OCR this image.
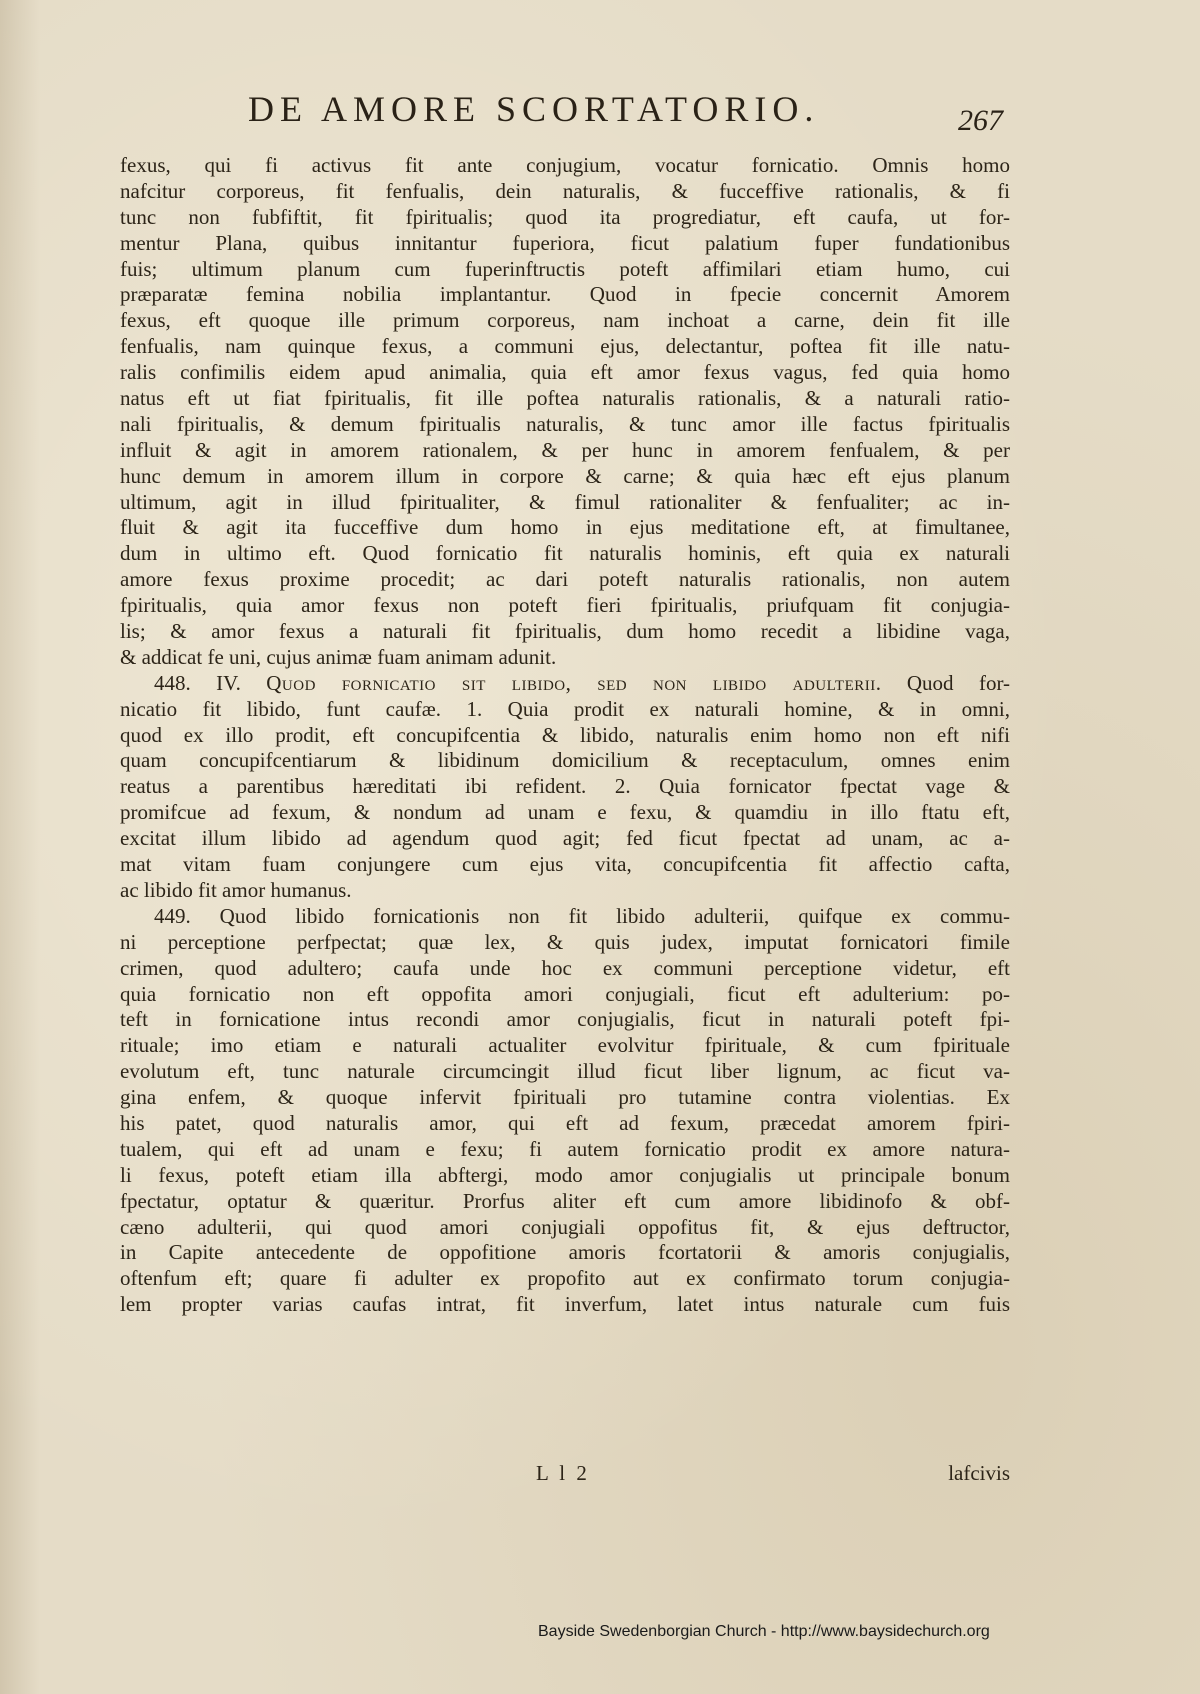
DE AMORE SCORTATORIO.	267
fexus, qui fi activus fit ante conjugium, vocatur fornicatio. Omnis homo
nafcitur corporeus, fit fenfualis, dein naturalis, & fucceffive rationalis, & fi
tunc non fubfiftit, fit fpiritualis; quod ita progrediatur, eft caufa, ut for-
mentur Plana, quibus innitantur fuperiora, ficut palatium fuper fundationibus
fuis; ultimum planum cum fuperinftructis poteft affimilari etiam humo, cui
præparatæ femina nobilia implantantur. Quod in fpecie concernit Amorem
fexus, eft quoque ille primum corporeus, nam inchoat a carne, dein fit ille
fenfualis, nam quinque fexus, a communi ejus, delectantur, poftea fit ille natu-
ralis confimilis eidem apud animalia, quia eft amor fexus vagus, fed quia homo
natus eft ut fiat fpiritualis, fit ille poftea naturalis rationalis, & a naturali ratio-
nali fpiritualis, & demum fpiritualis naturalis, & tunc amor ille factus fpiritualis
influit & agit in amorem rationalem, & per hunc in amorem fenfualem, & per
hunc demum in amorem illum in corpore & carne; & quia hæc eft ejus planum
ultimum, agit in illud fpiritualiter, & fimul rationaliter & fenfualiter; ac in-
fluit & agit ita fucceffive dum homo in ejus meditatione eft, at fimultanee,
dum in ultimo eft. Quod fornicatio fit naturalis hominis, eft quia ex naturali
amore fexus proxime procedit; ac dari poteft naturalis rationalis, non autem
fpiritualis, quia amor fexus non poteft fieri fpiritualis, priufquam fit conjugia-
lis; & amor fexus a naturali fit fpiritualis, dum homo recedit a libidine vaga,
& addicat fe uni, cujus animæ fuam animam adunit.
448. IV. Quod fornicatio sit libido, sed non libido adulterii. Quod for-
nicatio fit libido, funt caufæ. 1. Quia prodit ex naturali homine, & in omni,
quod ex illo prodit, eft concupifcentia & libido, naturalis enim homo non eft nifi
quam concupifcentiarum & libidinum domicilium & receptaculum, omnes enim
reatus a parentibus hæreditati ibi refident. 2. Quia fornicator fpectat vage &
promifcue ad fexum, & nondum ad unam e fexu, & quamdiu in illo ftatu eft,
excitat illum libido ad agendum quod agit; fed ficut fpectat ad unam, ac a-
mat vitam fuam conjungere cum ejus vita, concupifcentia fit affectio cafta,
ac libido fit amor humanus.
449. Quod libido fornicationis non fit libido adulterii, quifque ex commu-
ni perceptione perfpectat; quæ lex, & quis judex, imputat fornicatori fimile
crimen, quod adultero; caufa unde hoc ex communi perceptione videtur, eft
quia fornicatio non eft oppofita amori conjugiali, ficut eft adulterium: po-
teft in fornicatione intus recondi amor conjugialis, ficut in naturali poteft fpi-
rituale; imo etiam e naturali actualiter evolvitur fpirituale, & cum fpirituale
evolutum eft, tunc naturale circumcingit illud ficut liber lignum, ac ficut va-
gina enfem, & quoque infervit fpirituali pro tutamine contra violentias. Ex
his patet, quod naturalis amor, qui eft ad fexum, præcedat amorem fpiri-
tualem, qui eft ad unam e fexu; fi autem fornicatio prodit ex amore natura-
li fexus, poteft etiam illa abftergi, modo amor conjugialis ut principale bonum
fpectatur, optatur & quæritur. Prorfus aliter eft cum amore libidinofo & obf-
cæno adulterii, qui quod amori conjugiali oppofitus fit, & ejus deftructor,
in Capite antecedente de oppofitione amoris fcortatorii & amoris conjugialis,
oftenfum eft; quare fi adulter ex propofito aut ex confirmato torum conjugia-
lem propter varias caufas intrat, fit inverfum, latet intus naturale cum fuis
L l 2	lafcivis
Bayside Swedenborgian Church - http://www.baysidechurch.org
